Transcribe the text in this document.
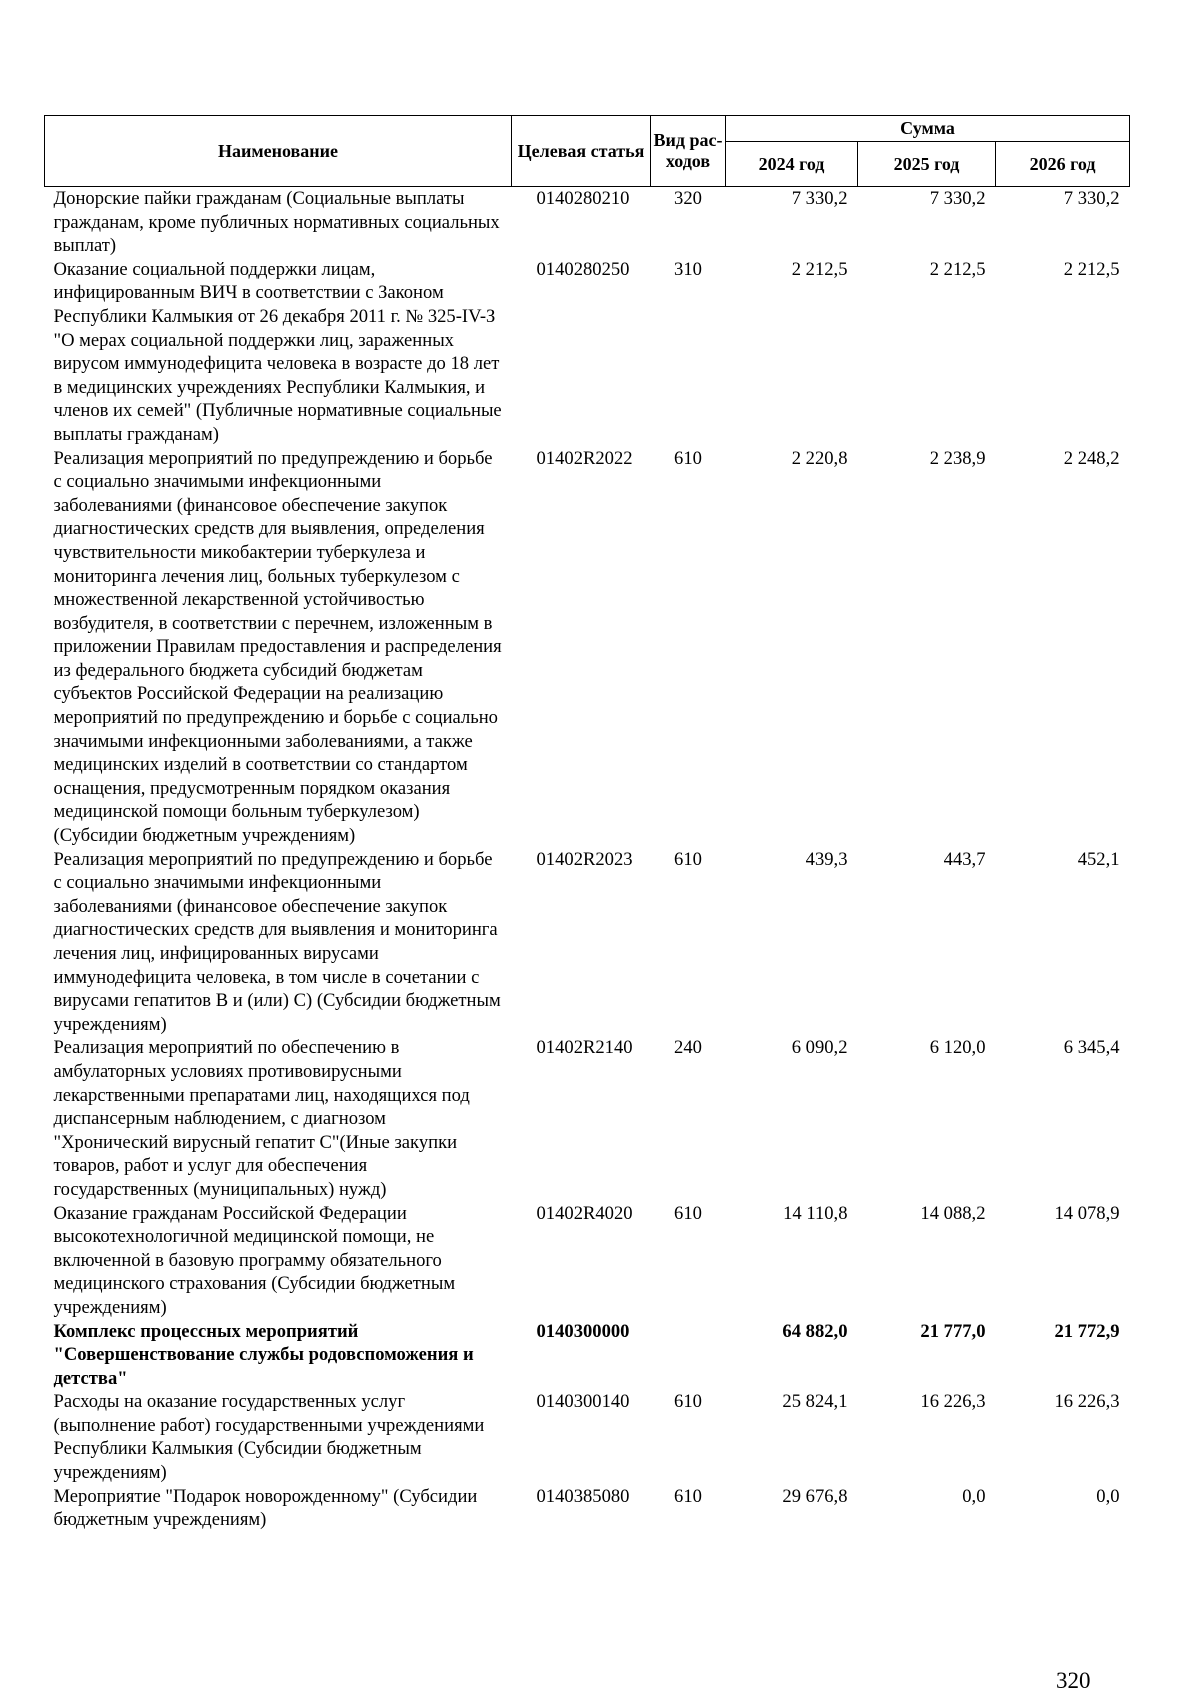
Наименование	Целевая статья	Вид рас-ходов	Сумма		
			2024 год	2025 год	2026 год
Донорские пайки гражданам (Социальные выплаты гражданам, кроме публичных нормативных социальных выплат)	0140280210	320	7 330,2	7 330,2	7 330,2
Оказание социальной поддержки лицам, инфицированным ВИЧ в соответствии с Законом Республики Калмыкия от 26 декабря 2011 г. № 325-IV-З "О мерах социальной поддержки лиц, зараженных вирусом иммунодефицита человека в возрасте до 18 лет в медицинских учреждениях Республики Калмыкия, и членов их семей" (Публичные нормативные социальные выплаты гражданам)	0140280250	310	2 212,5	2 212,5	2 212,5
Реализация мероприятий по предупреждению и борьбе с социально значимыми инфекционными заболеваниями (финансовое обеспечение закупок диагностических средств для выявления, определения чувствительности микобактерии туберкулеза и мониторинга лечения лиц, больных туберкулезом с множественной лекарственной устойчивостью возбудителя, в соответствии с перечнем, изложенным в приложении Правилам предоставления и распределения из федерального бюджета субсидий бюджетам субъектов Российской Федерации на реализацию мероприятий по предупреждению и борьбе с социально значимыми инфекционными заболеваниями, а также медицинских изделий в соответствии со стандартом оснащения, предусмотренным порядком оказания медицинской помощи больным туберкулезом) (Субсидии бюджетным учреждениям)	01402R2022	610	2 220,8	2 238,9	2 248,2
Реализация мероприятий по предупреждению и борьбе с социально значимыми инфекционными заболеваниями (финансовое обеспечение закупок диагностических средств для выявления и мониторинга лечения лиц, инфицированных вирусами иммунодефицита человека, в том числе в сочетании с вирусами гепатитов В и (или) С) (Субсидии бюджетным учреждениям)	01402R2023	610	439,3	443,7	452,1
Реализация мероприятий по обеспечению в амбулаторных условиях противовирусными лекарственными препаратами лиц, находящихся под диспансерным наблюдением, с диагнозом "Хронический вирусный гепатит С"(Иные закупки товаров, работ и услуг для обеспечения государственных (муниципальных) нужд)	01402R2140	240	6 090,2	6 120,0	6 345,4
Оказание гражданам Российской Федерации высокотехнологичной медицинской помощи, не включенной в базовую программу обязательного медицинского страхования (Субсидии бюджетным учреждениям)	01402R4020	610	14 110,8	14 088,2	14 078,9
Комплекс процессных мероприятий "Совершенствование службы родовспоможения и детства"	0140300000		64 882,0	21 777,0	21 772,9
Расходы на оказание государственных услуг (выполнение работ) государственными учреждениями Республики Калмыкия (Субсидии бюджетным учреждениям)	0140300140	610	25 824,1	16 226,3	16 226,3
Мероприятие "Подарок новорожденному" (Субсидии бюджетным учреждениям)	0140385080	610	29 676,8	0,0	0,0
320
